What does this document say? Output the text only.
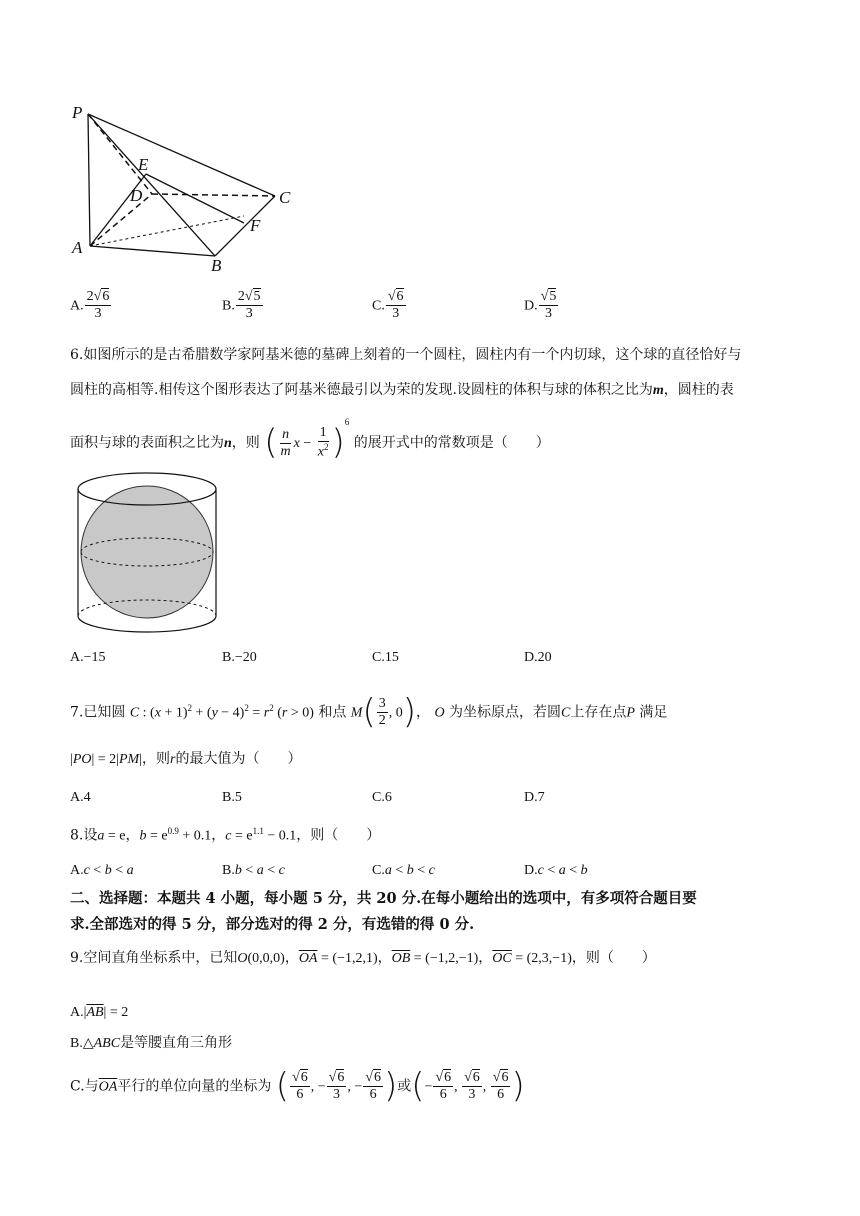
P
E
D	C
F
A
B
A. $\frac{2√6}{3}$	B. $\frac{2√5}{3}$	C. $\frac{√6}{3}$	D. $\frac{√5}{3}$
6.如图所示的是古希腊数学家阿基米德的墓碑上刻着的一个圆柱，圆柱内有一个内切球，这个球的直径恰好与
圆柱的高相等.相传这个图形表达了阿基米德最引以为荣的发现.设圆柱的体积与球的体积之比为m，圆柱的表
面积与球的表面积之比为n，则 ( $\frac{n}{m}$ $x - \frac{1}{x^2} )^6$ 的展开式中的常数项是（　　）
A.−15	B.−20	C.15	D.20
7.已知圆 C : $(x + 1)^2 + (y - 4)^2 = r^2$ (r > 0) 和点 $M( \frac{3}{2}$ , 0)， O 为坐标原点，若圆C上存在点P 满足
|PO| = 2|PM|，则r的最大值为（　　）
A.4	B.5	C.6	D.7
8.设a = e，$b = e^{0.9} + 0.1$，$c = e^{1.1} - 0.1$，则（　　）
A.c < b < a	B.b < a < c	C.a < b < c	D.c < a < b
二、选择题：本题共 4 小题，每小题 5 分，共 20 分.在每小题给出的选项中，有多项符合题目要
求.全部选对的得 5 分，部分选对的得 2 分，有选错的得 0 分.
9.空间直角坐标系中，已知O(0,0,0)，$\overline{OA} = (-1,2,1)$，$\overline{OB} = (-1,2,-1)$，$\overline{OC} = (2,3,-1)$，则（　　）
$A.|\overline{AB}| = 2$
B.△ABC是等腰直角三角形
C.与$\overline{OA}$平行的单位向量的坐标为 ( $\frac{√6}{6}$ , − $\frac{√6}{3}$ , − $\frac{√6}{6}$ )或(− $\frac{√6}{6}$ , $\frac{√6}{3}$ , $\frac{√6}{6}$ )
